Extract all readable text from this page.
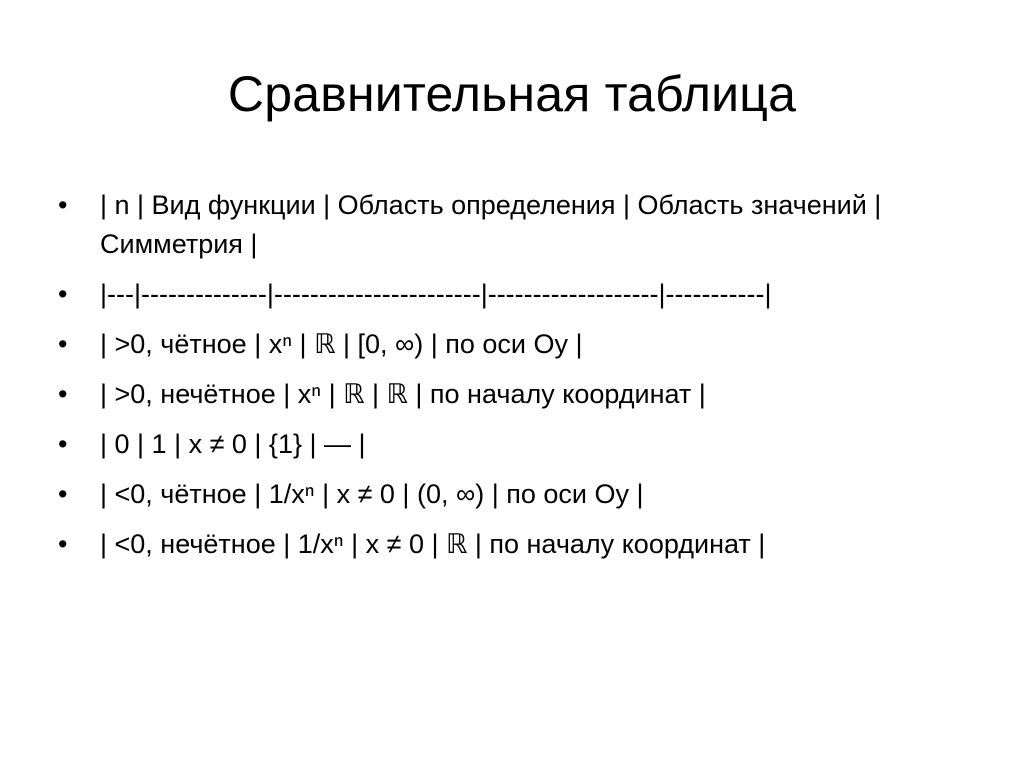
Сравнительная таблица
•	| n | Вид функции | Область определения | Область значений | Симметрия |
•	|---|--------------|-----------------------|-------------------|-----------|
•	| >0, чётное | xⁿ | ℝ | [0, ∞) | по оси Oy |
•	| >0, нечётное | xⁿ | ℝ | ℝ | по началу координат |
•	| 0 | 1 | x ≠ 0 | {1} | — |
•	| <0, чётное | 1/xⁿ | x ≠ 0 | (0, ∞) | по оси Oy |
•	| <0, нечётное | 1/xⁿ | x ≠ 0 | ℝ | по началу координат |
